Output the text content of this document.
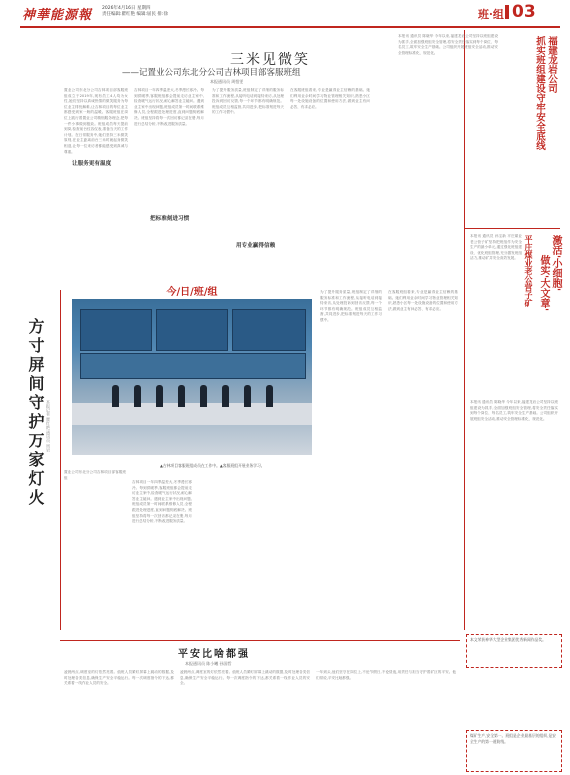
神華能源報 2026年4月16日 星期四
责任编辑:瞿红艳 编辑:屈民 排:徐	班·组 03
三米见微笑
——记置业公司东北分公司吉林项目部客服班组
本报通讯员 周愷雯
置业公司东北分公司吉林项目部客服班组成立于2019年,现有员工4人均为女性,她们坚持以真诚热情的微笑服务为每位业主排忧解难,让吉林项目的每位业主都感受到家一般的温暖。客服班组在岗位上践行着置业公司精细服务理念,把每一件小事做到极致。班组成员每天提前到岗,检查前台仪容仪表,准备当天的工作计划。在日常服务中,她们坚持三米微笑原则,在业主距离前台三米时就起身微笑相迎,让每一位来访者都能感受到真诚与尊重。
让服务更有温度
吉林项目一年四季温差大,冬季漫长寒冷。每到供暖季,客服班组都会提前走访业主家中,检查暖气运行状况,耐心解答业主疑问。遇到业主家中出现问题,班组成员第一时间联系维修人员,全程跟进处理进度,直到问题彻底解决。班组坚持将每一次回访都记录在册,每月进行总结分析,不断改进服务质量。
把标准刻进习惯
为了提升服务质量,班组制定了详细的服务标准和工作流程,从接听电话到接待来访,从处理投诉到回访反馈,每一个环节都有明确规范。班组成员互相监督,共同进步,把标准刻进每天的工作习惯中。
用专业赢得信赖
在客服班组看来,专业是赢得业主信赖的基础。她们利用业余时间学习物业管理相关知识,熟悉小区每一处设施设备的位置和使用方法,做到业主有问必答、有求必应。
今/日/班/组
▲吉林项目客服班组成员在工作中。▲客服班组开展业务学习。
方寸屏间守护万家灯火 本报记者 瞿红艳 通讯员 周岩
置业公司东北分公司吉林项目部客服班组
吉林项目一年四季温差大,冬季漫长寒冷。每到供暖季,客服班组都会提前走访业主家中,检查暖气运行状况,耐心解答业主疑问。遇到业主家中出现问题,班组成员第一时间联系维修人员,全程跟进处理进度,直到问题彻底解决。班组坚持将每一次回访都记录在册,每月进行总结分析,不断改进服务质量。
为了提升服务质量,班组制定了详细的服务标准和工作流程,从接听电话到接待来访,从处理投诉到回访反馈,每一个环节都有明确规范。班组成员互相监督,共同进步,把标准刻进每天的工作习惯中。
在客服班组看来,专业是赢得业主信赖的基础。她们利用业余时间学习物业管理相关知识,熟悉小区每一处设施设备的位置和使用方法,做到业主有问必答、有求必应。
本报讯 通讯员 陈晓华 今年以来,福建龙岩公司坚持以班组建设为抓手,全面加强班组安全管理,将安全责任落实到每个岗位、每名员工,筑牢安全生产基础。公司组织开展班组安全活动,推动安全管理标准化、规范化。	福建龙岩公司
抓实班组建设守牢安全底线
本报讯 通讯员 孙宝新 平庄煤业老公营子矿坚持把班组作为安全生产的最小单元,通过强化班组建设、优化班组管理,充分激发班组活力,推动矿井安全高效发展。	激活'小细胞'
做实'大文章'
平庄煤业老公营子矿
本报讯 通讯员 陈晓华 今年以来,福建龙岩公司坚持以班组建设为抓手,全面加强班组安全管理,将安全责任落实到每个岗位、每名员工,筑牢安全生产基础。公司组织开展班组安全活动,推动安全管理标准化、规范化。
平安比啥都强
本报通讯员 陈小曦 孙国哲
凌晨两点,调度室的灯依然亮着。值班人员紧盯屏幕上跳动的数据,及时处理各类信息,确保生产安全平稳运行。每一次调度指令的下达,都关系着一线作业人员的安全。
凌晨两点,调度室的灯依然亮着。值班人员紧盯屏幕上跳动的数据,及时处理各类信息,确保生产安全平稳运行。每一次调度指令的下达,都关系着一线作业人员的安全。
一年到头,他们坚守在岗位上,不论节假日,不论昼夜,用责任与担当守护着矿区的平安。他们常说,平安比啥都强。
本文荣获神华大型企业集团优秀新闻作品奖。
煤矿生产,安全第一。班组是企业最基层的组织,是安全生产的第一道防线。
